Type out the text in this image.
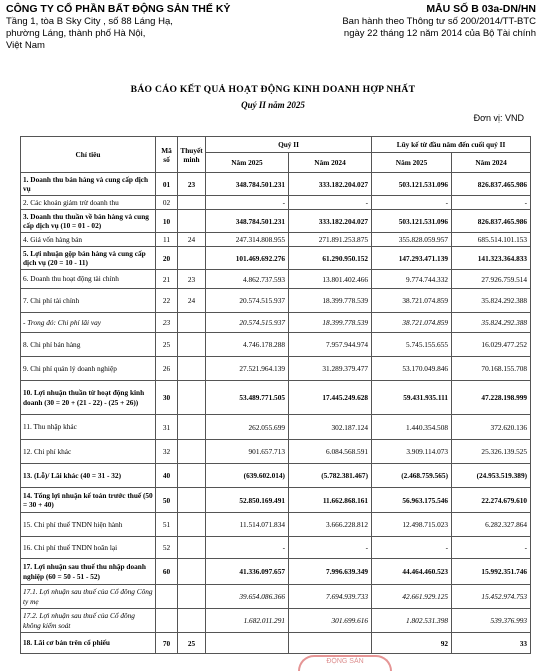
CÔNG TY CỔ PHẦN BẤT ĐỘNG SẢN THẾ KỶ
Tầng 1, tòa B Sky City , số 88 Láng Hạ,
phường Láng, thành phố Hà Nội,
Việt Nam
MẪU SỐ B 03a-DN/HN
Ban hành theo Thông tư số 200/2014/TT-BTC
ngày 22 tháng 12 năm 2014 của Bộ Tài chính
BÁO CÁO KẾT QUẢ HOẠT ĐỘNG KINH DOANH HỢP NHẤT
Quý II năm 2025
Đơn vị: VND
Chỉ tiêu	Mã số	Thuyết minh	Quý II		Lũy kế từ đầu năm đến cuối quý II	
			Năm 2025	Năm 2024	Năm 2025	Năm 2024
1. Doanh thu bán hàng và cung cấp dịch vụ	01	23	348.784.501.231	333.182.204.027	503.121.531.096	826.837.465.986
2. Các khoản giảm trừ doanh thu	02		-	-	-	-
3. Doanh thu thuần về bán hàng và cung cấp dịch vụ (10 = 01 - 02)	10		348.784.501.231	333.182.204.027	503.121.531.096	826.837.465.986
4. Giá vốn hàng bán	11	24	247.314.808.955	271.891.253.875	355.828.059.957	685.514.101.153
5. Lợi nhuận gộp bán hàng và cung cấp dịch vụ (20 = 10 - 11)	20		101.469.692.276	61.290.950.152	147.293.471.139	141.323.364.833
6. Doanh thu hoạt động tài chính	21	23	4.862.737.593	13.801.402.466	9.774.744.332	27.926.759.514
7. Chi phí tài chính	22	24	20.574.515.937	18.399.778.539	38.721.074.859	35.824.292.388
- Trong đó: Chi phí lãi vay	23		20.574.515.937	18.399.778.539	38.721.074.859	35.824.292.388
8. Chi phí bán hàng	25		4.746.178.288	7.957.944.974	5.745.155.655	16.029.477.252
9. Chi phí quản lý doanh nghiệp	26		27.521.964.139	31.289.379.477	53.170.049.846	70.168.155.708
10. Lợi nhuận thuần từ hoạt động kinh doanh (30 = 20 + (21 - 22) - (25 + 26))	30		53.489.771.505	17.445.249.628	59.431.935.111	47.228.198.999
11. Thu nhập khác	31		262.055.699	302.187.124	1.440.354.508	372.620.136
12. Chi phí khác	32		901.657.713	6.084.568.591	3.909.114.073	25.326.139.525
13. (Lỗ)/ Lãi khác (40 = 31 - 32)	40		(639.602.014)	(5.782.381.467)	(2.468.759.565)	(24.953.519.389)
14. Tổng lợi nhuận kế toán trước thuế (50 = 30 + 40)	50		52.850.169.491	11.662.868.161	56.963.175.546	22.274.679.610
15. Chi phí thuế TNDN hiện hành	51		11.514.071.834	3.666.228.812	12.498.715.023	6.282.327.864
16. Chi phí thuế TNDN hoãn lại	52		-	-	-	-
17. Lợi nhuận sau thuế thu nhập doanh nghiệp (60 = 50 - 51 - 52)	60		41.336.097.657	7.996.639.349	44.464.460.523	15.992.351.746
17.1. Lợi nhuận sau thuế của Cổ đông Công ty mẹ			39.654.086.366	7.694.939.733	42.661.929.125	15.452.974.753
17.2. Lợi nhuận sau thuế của Cổ đông không kiểm soát			1.682.011.291	301.699.616	1.802.531.398	539.376.993
18. Lãi cơ bản trên cổ phiếu	70	25			92	33
ĐỘNG SẢN
